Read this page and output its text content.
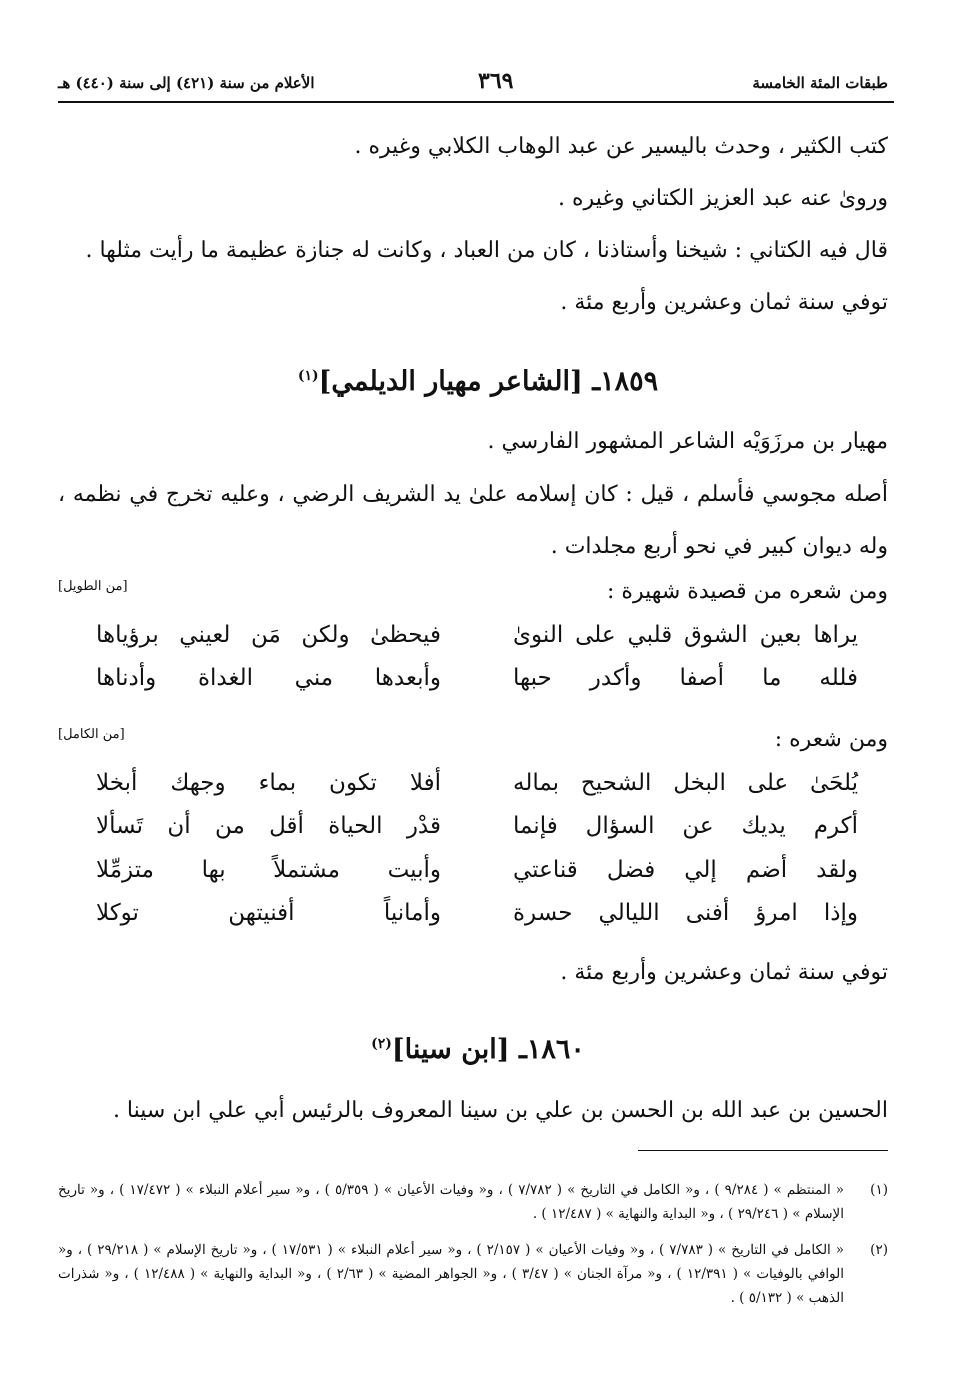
طبقات المئة الخامسة
٣٦٩
الأعلام من سنة (٤٢١) إلى سنة (٤٤٠) هـ
كتب الكثير ، وحدث باليسير عن عبد الوهاب الكلابي وغيره .
وروىٰ عنه عبد العزيز الكتاني وغيره .
قال فيه الكتاني : شيخنا وأستاذنا ، كان من العباد ، وكانت له جنازة عظيمة ما رأيت مثلها .
توفي سنة ثمان وعشرين وأربع مئة .
١٨٥٩ـ [الشاعر مهيار الديلمي]$^{(١)}$
مهيار بن مرزَوَيْه الشاعر المشهور الفارسي .
أصله مجوسي فأسلم ، قيل : كان إسلامه علىٰ يد الشريف الرضي ، وعليه تخرج في نظمه ، وله ديوان كبير في نحو أربع مجلدات .
ومن شعره من قصيدة شهيرة :
[من الطويل]
يراها بعين الشوق قلبي على النوىٰ
فيحظىٰ ولكن مَن لعيني برؤياها
فلله ما أصفا وأكدر حبها
وأبعدها مني الغداة وأدناها
ومن شعره :
[من الكامل]
يُلحَىٰ على البخل الشحيح بماله
أفلا تكون بماء وجهك أبخلا
أكرم يديك عن السؤال فإنما
قدْر الحياة أقل من أن تَسألا
ولقد أضم إلي فضل قناعتي
وأبيت مشتملاً بها متزمِّلا
وإذا امرؤ أفنى الليالي حسرة
وأمانياً أفنيتهن توكلا
توفي سنة ثمان وعشرين وأربع مئة .
١٨٦٠ـ [ابن سينا]$^{(٢)}$
الحسين بن عبد الله بن الحسن بن علي بن سينا المعروف بالرئيس أبي علي ابن سينا .
(١)
« المنتظم » ( ٩/٢٨٤ ) ، و« الكامل في التاريخ » ( ٧/٧٨٢ ) ، و« وفيات الأعيان » ( ٥/٣٥٩ ) ، و« سير أعلام النبلاء » ( ١٧/٤٧٢ ) ، و« تاريخ الإسلام » ( ٢٩/٢٤٦ ) ، و« البداية والنهاية » ( ١٢/٤٨٧ ) .
(٢)
« الكامل في التاريخ » ( ٧/٧٨٣ ) ، و« وفيات الأعيان » ( ٢/١٥٧ ) ، و« سير أعلام النبلاء » ( ١٧/٥٣١ ) ، و« تاريخ الإسلام » ( ٢٩/٢١٨ ) ، و« الوافي بالوفيات » ( ١٢/٣٩١ ) ، و« مرآة الجنان » ( ٣/٤٧ ) ، و« الجواهر المضية » ( ٢/٦٣ ) ، و« البداية والنهاية » ( ١٢/٤٨٨ ) ، و« شذرات الذهب » ( ٥/١٣٢ ) .
